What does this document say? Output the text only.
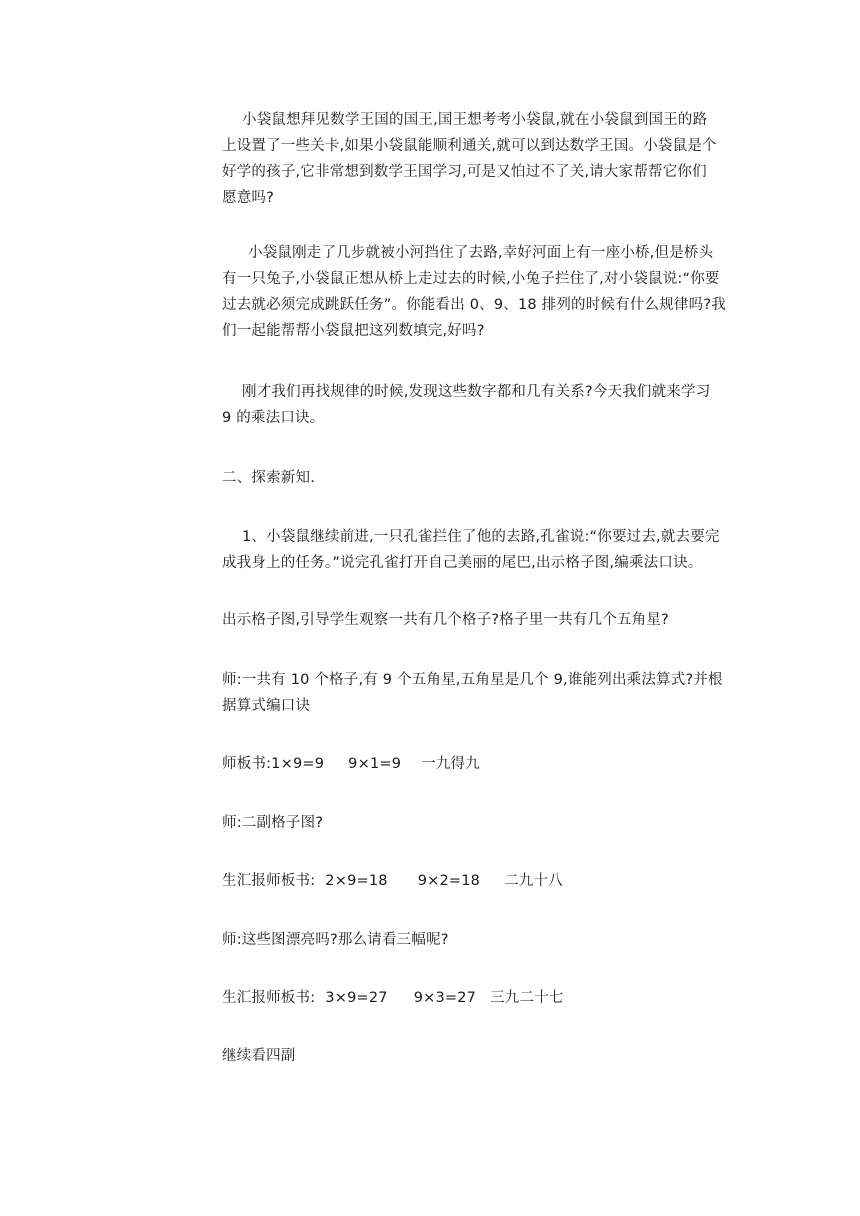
小袋鼠想拜见数学王国的国王,国王想考考小袋鼠,就在小袋鼠到国王的路
上设置了一些关卡,如果小袋鼠能顺利通关,就可以到达数学王国。小袋鼠是个
好学的孩子,它非常想到数学王国学习,可是又怕过不了关,请大家帮帮它你们
愿意吗?
小袋鼠刚走了几步就被小河挡住了去路,幸好河面上有一座小桥,但是桥头
有一只兔子,小袋鼠正想从桥上走过去的时候,小兔子拦住了,对小袋鼠说:“你要
过去就必须完成跳跃任务”。你能看出 0、9、18 排列的时候有什么规律吗?我
们一起能帮帮小袋鼠把这列数填完,好吗?
刚才我们再找规律的时候,发现这些数字都和几有关系?今天我们就来学习
9 的乘法口诀。
二、探索新知.
1、小袋鼠继续前进,一只孔雀拦住了他的去路,孔雀说:“你要过去,就去要完
成我身上的任务。”说完孔雀打开自己美丽的尾巴,出示格子图,编乘法口诀。
出示格子图,引导学生观察一共有几个格子?格子里一共有几个五角星?
师:一共有 10 个格子,有 9 个五角星,五角星是几个 9,谁能列出乘法算式?并根
据算式编口诀
师板书:1×9=9 9×1=9 一九得九
师:二副格子图?
生汇报师板书: 2×9=18 9×2=18 二九十八
师:这些图漂亮吗?那么请看三幅呢?
生汇报师板书: 3×9=27 9×3=27 三九二十七
继续看四副
